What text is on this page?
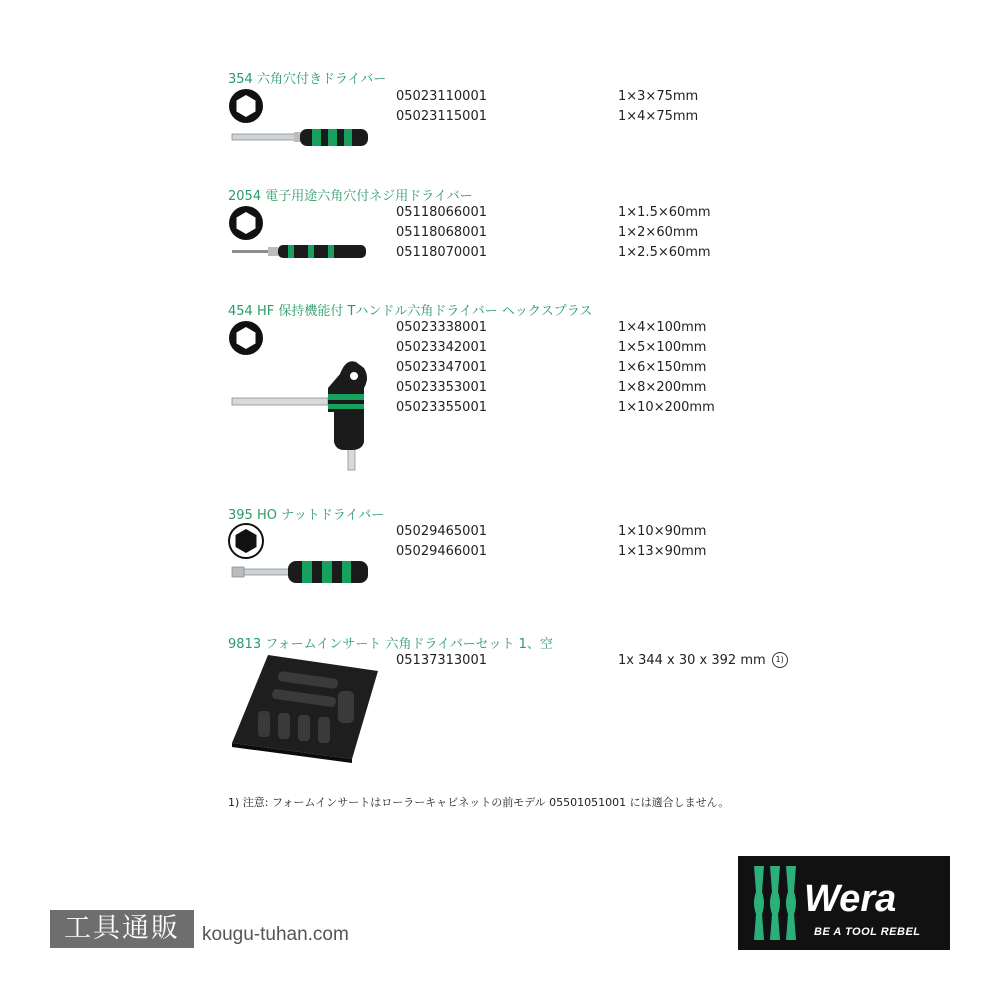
354 六角穴付きドライバー
05023110001	1×3×75mm
05023115001	1×4×75mm
2054 電子用途六角穴付ネジ用ドライバー
05118066001	1×1.5×60mm
05118068001	1×2×60mm
05118070001	1×2.5×60mm
454 HF 保持機能付 Tハンドル六角ドライバー ヘックスプラス
05023338001	1×4×100mm
05023342001	1×5×100mm
05023347001	1×6×150mm
05023353001	1×8×200mm
05023355001	1×10×200mm
395 HO ナットドライバー
05029465001	1×10×90mm
05029466001	1×13×90mm
9813 フォームインサート 六角ドライバーセット 1、空
05137313001	1x 344 x 30 x 392 mm 1)
1) 注意: フォームインサートはローラーキャビネットの前モデル 05501051001 には適合しません。
工具通販	kougu-tuhan.com
Wera
BE A TOOL REBEL
